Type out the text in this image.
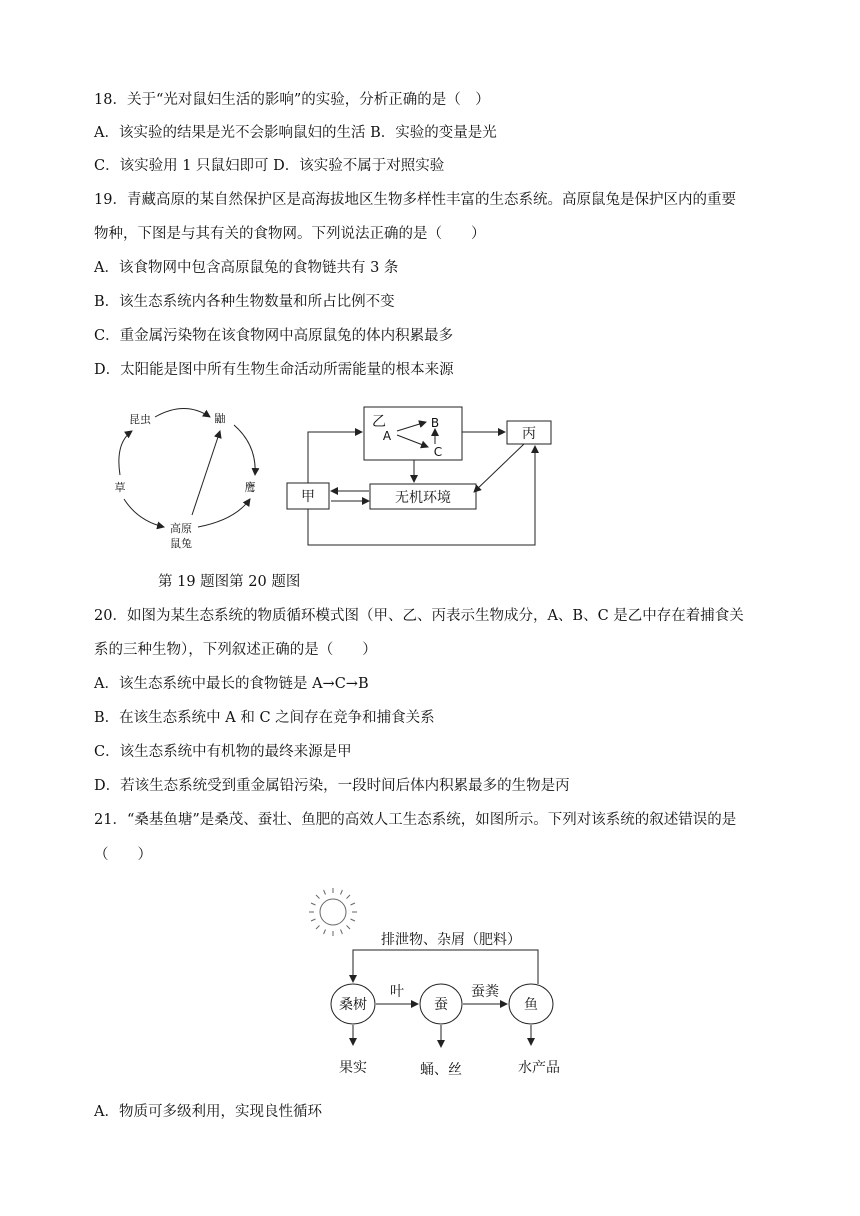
18．关于“光对鼠妇生活的影响”的实验，分析正确的是（　）
A．该实验的结果是光不会影响鼠妇的生活 B．实验的变量是光
C．该实验用 1 只鼠妇即可 D．该实验不属于对照实验
19．青藏高原的某自然保护区是高海拔地区生物多样性丰富的生态系统。高原鼠兔是保护区内的重要
物种，下图是与其有关的食物网。下列说法正确的是（　　）
A．该食物网中包含高原鼠兔的食物链共有 3 条
B．该生态系统内各种生物数量和所占比例不变
C．重金属污染物在该食物网中高原鼠兔的体内积累最多
D．太阳能是图中所有生物生命活动所需能量的根本来源
昆虫	鼬
草	鹰
高原
鼠兔
乙
A
B
C
丙
甲	无机环境
第 19 题图第 20 题图
20．如图为某生态系统的物质循环模式图（甲、乙、丙表示生物成分，A、B、C 是乙中存在着捕食关
系的三种生物），下列叙述正确的是（　　）
A．该生态系统中最长的食物链是 A→C→B
B．在该生态系统中 A 和 C 之间存在竞争和捕食关系
C．该生态系统中有机物的最终来源是甲
D．若该生态系统受到重金属铅污染，一段时间后体内积累最多的生物是丙
21．“桑基鱼塘”是桑茂、蚕壮、鱼肥的高效人工生态系统，如图所示。下列对该系统的叙述错误的是
（　　）
排泄物、杂屑（肥料）
桑树
叶
蚕
蚕粪
鱼
果实	蛹、丝	水产品
A．物质可多级利用，实现良性循环
